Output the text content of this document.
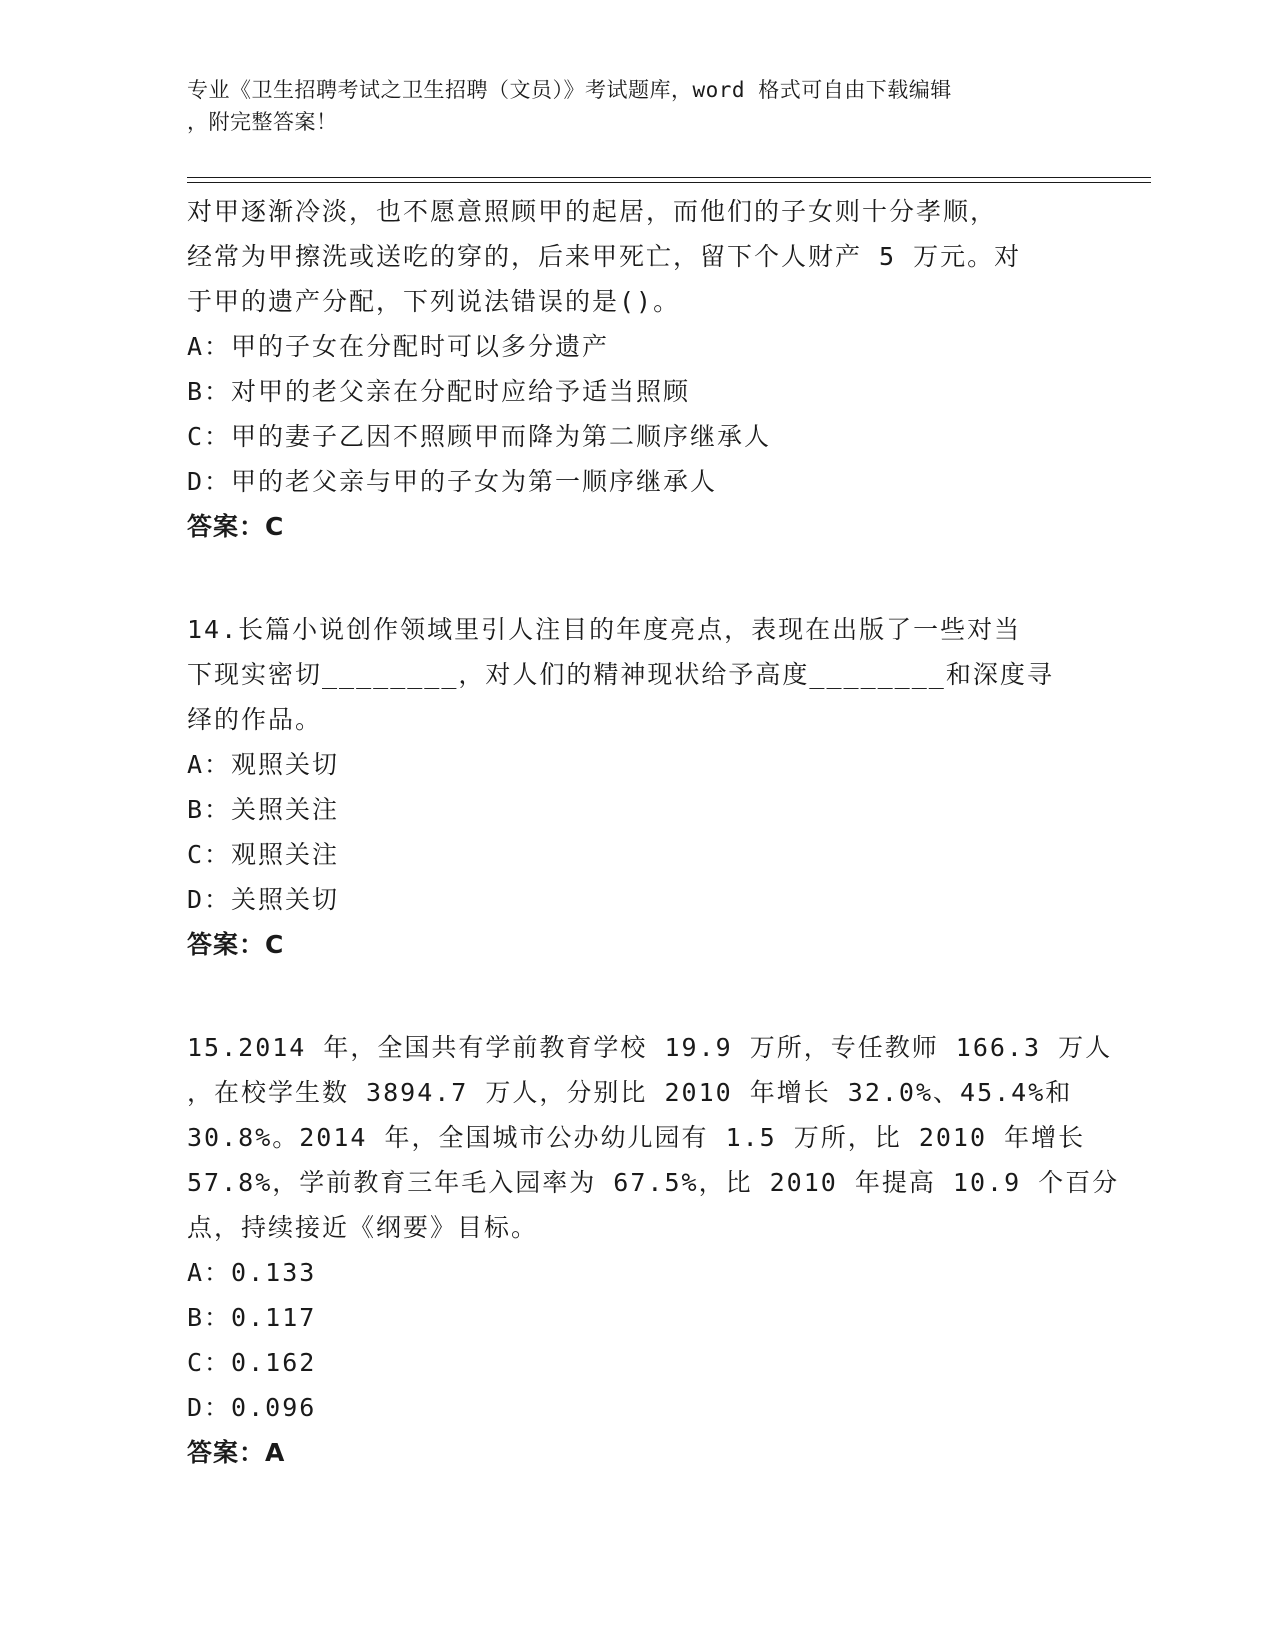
专业《卫生招聘考试之卫生招聘（文员）》考试题库，word 格式可自由下载编辑
，附完整答案！
对甲逐渐冷淡，也不愿意照顾甲的起居，而他们的子女则十分孝顺，
经常为甲擦洗或送吃的穿的，后来甲死亡，留下个人财产 5 万元。对
于甲的遗产分配，下列说法错误的是()。
A：甲的子女在分配时可以多分遗产
B：对甲的老父亲在分配时应给予适当照顾
C：甲的妻子乙因不照顾甲而降为第二顺序继承人
D：甲的老父亲与甲的子女为第一顺序继承人
答案：C
14.长篇小说创作领域里引人注目的年度亮点，表现在出版了一些对当
下现实密切________，对人们的精神现状给予高度________和深度寻
绎的作品。
A：观照关切
B：关照关注
C：观照关注
D：关照关切
答案：C
15.2014 年，全国共有学前教育学校 19.9 万所，专任教师 166.3 万人
，在校学生数 3894.7 万人，分别比 2010 年增长 32.0%、45.4%和
30.8%。2014 年，全国城市公办幼儿园有 1.5 万所，比 2010 年增长
57.8%，学前教育三年毛入园率为 67.5%，比 2010 年提高 10.9 个百分
点，持续接近《纲要》目标。
A：0.133
B：0.117
C：0.162
D：0.096
答案：A
